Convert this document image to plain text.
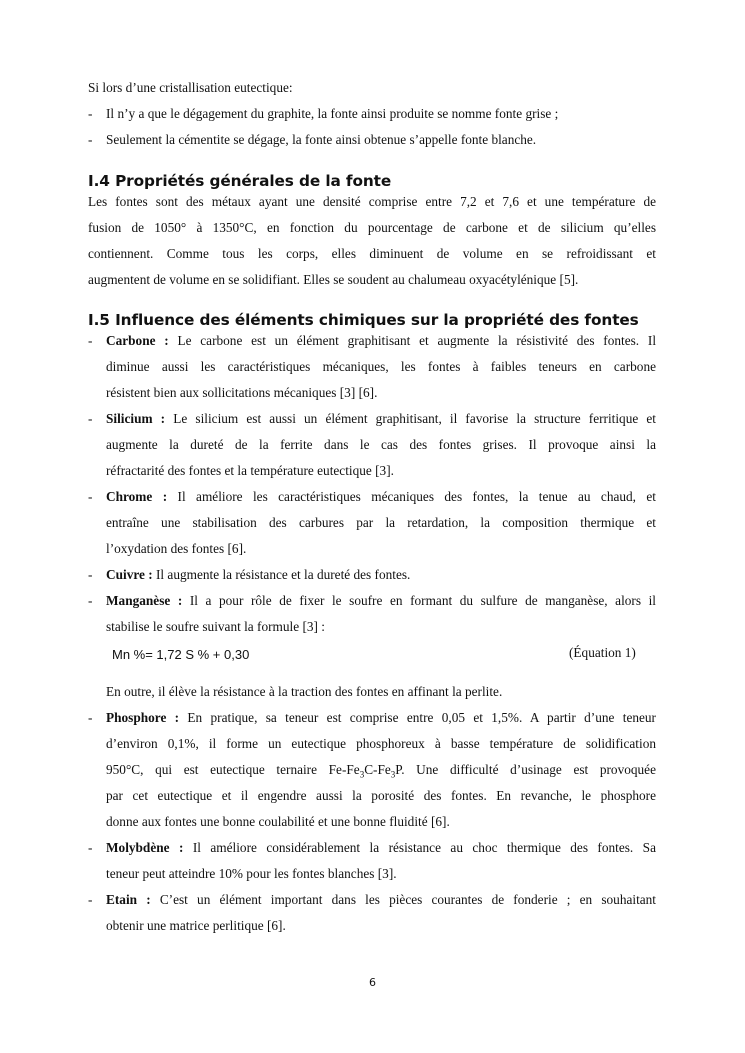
Si lors d’une cristallisation eutectique:
- Il n’y a que le dégagement du graphite, la fonte ainsi produite se nomme fonte grise ;
- Seulement la cémentite se dégage, la fonte ainsi obtenue s’appelle fonte blanche.
I.4 Propriétés générales de la fonte
Les fontes sont des métaux ayant une densité comprise entre 7,2 et 7,6 et une température de
fusion de 1050° à 1350°C, en fonction du pourcentage de carbone et de silicium qu’elles
contiennent. Comme tous les corps, elles diminuent de volume en se refroidissant et
augmentent de volume en se solidifiant. Elles se soudent au chalumeau oxyacétylénique [5].
I.5 Influence des éléments chimiques sur la propriété des fontes
- Carbone : Le carbone est un élément graphitisant et augmente la résistivité des fontes. Il
diminue aussi les caractéristiques mécaniques, les fontes à faibles teneurs en carbone
résistent bien aux sollicitations mécaniques [3] [6].
- Silicium : Le silicium est aussi un élément graphitisant, il favorise la structure ferritique et
augmente la dureté de la ferrite dans le cas des fontes grises. Il provoque ainsi la
réfractarité des fontes et la température eutectique [3].
- Chrome : Il améliore les caractéristiques mécaniques des fontes, la tenue au chaud, et
entraîne une stabilisation des carbures par la retardation, la composition thermique et
l’oxydation des fontes [6].
- Cuivre : Il augmente la résistance et la dureté des fontes.
- Manganèse : Il a pour rôle de fixer le soufre en formant du sulfure de manganèse, alors il
stabilise le soufre suivant la formule [3] :
Mn %= 1,72 S % + 0,30	(Équation 1)
En outre, il élève la résistance à la traction des fontes en affinant la perlite.
- Phosphore : En pratique, sa teneur est comprise entre 0,05 et 1,5%. A partir d’une teneur
d’environ 0,1%, il forme un eutectique phosphoreux à basse température de solidification
950°C, qui est eutectique ternaire $Fe-Fe_3C-Fe_3P$. Une difficulté d’usinage est provoquée
par cet eutectique et il engendre aussi la porosité des fontes. En revanche, le phosphore
donne aux fontes une bonne coulabilité et une bonne fluidité [6].
- Molybdène : Il améliore considérablement la résistance au choc thermique des fontes. Sa
teneur peut atteindre 10% pour les fontes blanches [3].
- Etain : C’est un élément important dans les pièces courantes de fonderie ; en souhaitant
obtenir une matrice perlitique [6].
6
